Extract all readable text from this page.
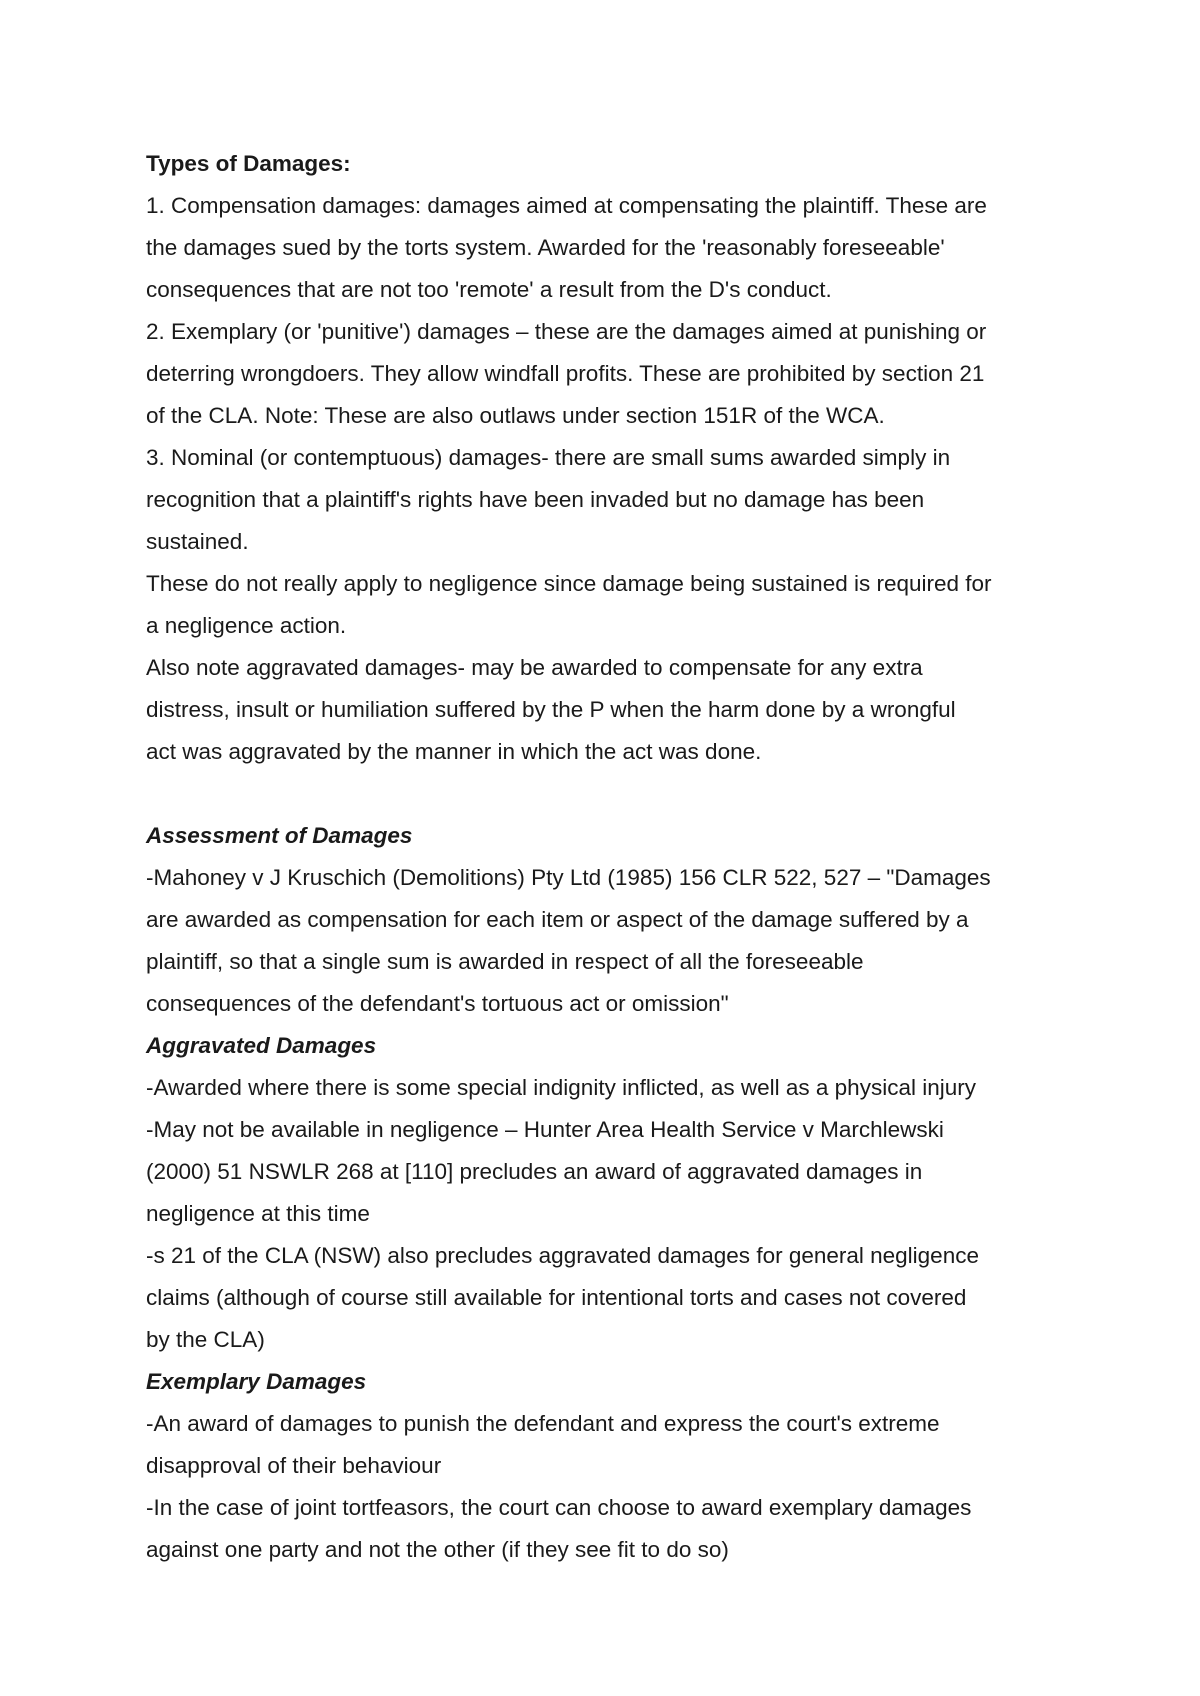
Types of Damages:
1. Compensation damages: damages aimed at compensating the plaintiff. These are
the damages sued by the torts system. Awarded for the 'reasonably foreseeable'
consequences that are not too 'remote' a result from the D's conduct.
2. Exemplary (or 'punitive') damages – these are the damages aimed at punishing or
deterring wrongdoers. They allow windfall profits. These are prohibited by section 21
of the CLA. Note: These are also outlaws under section 151R of the WCA.
3. Nominal (or contemptuous) damages- there are small sums awarded simply in
recognition that a plaintiff's rights have been invaded but no damage has been
sustained.
These do not really apply to negligence since damage being sustained is required for
a negligence action.
Also note aggravated damages- may be awarded to compensate for any extra
distress, insult or humiliation suffered by the P when the harm done by a wrongful
act was aggravated by the manner in which the act was done.
Assessment of Damages
-Mahoney v J Kruschich (Demolitions) Pty Ltd (1985) 156 CLR 522, 527 – "Damages
are awarded as compensation for each item or aspect of the damage suffered by a
plaintiff, so that a single sum is awarded in respect of all the foreseeable
consequences of the defendant's tortuous act or omission"
Aggravated Damages
-Awarded where there is some special indignity inflicted, as well as a physical injury
-May not be available in negligence – Hunter Area Health Service v Marchlewski
(2000) 51 NSWLR 268 at [110] precludes an award of aggravated damages in
negligence at this time
-s 21 of the CLA (NSW) also precludes aggravated damages for general negligence
claims (although of course still available for intentional torts and cases not covered
by the CLA)
Exemplary Damages
-An award of damages to punish the defendant and express the court's extreme
disapproval of their behaviour
-In the case of joint tortfeasors, the court can choose to award exemplary damages
against one party and not the other (if they see fit to do so)
